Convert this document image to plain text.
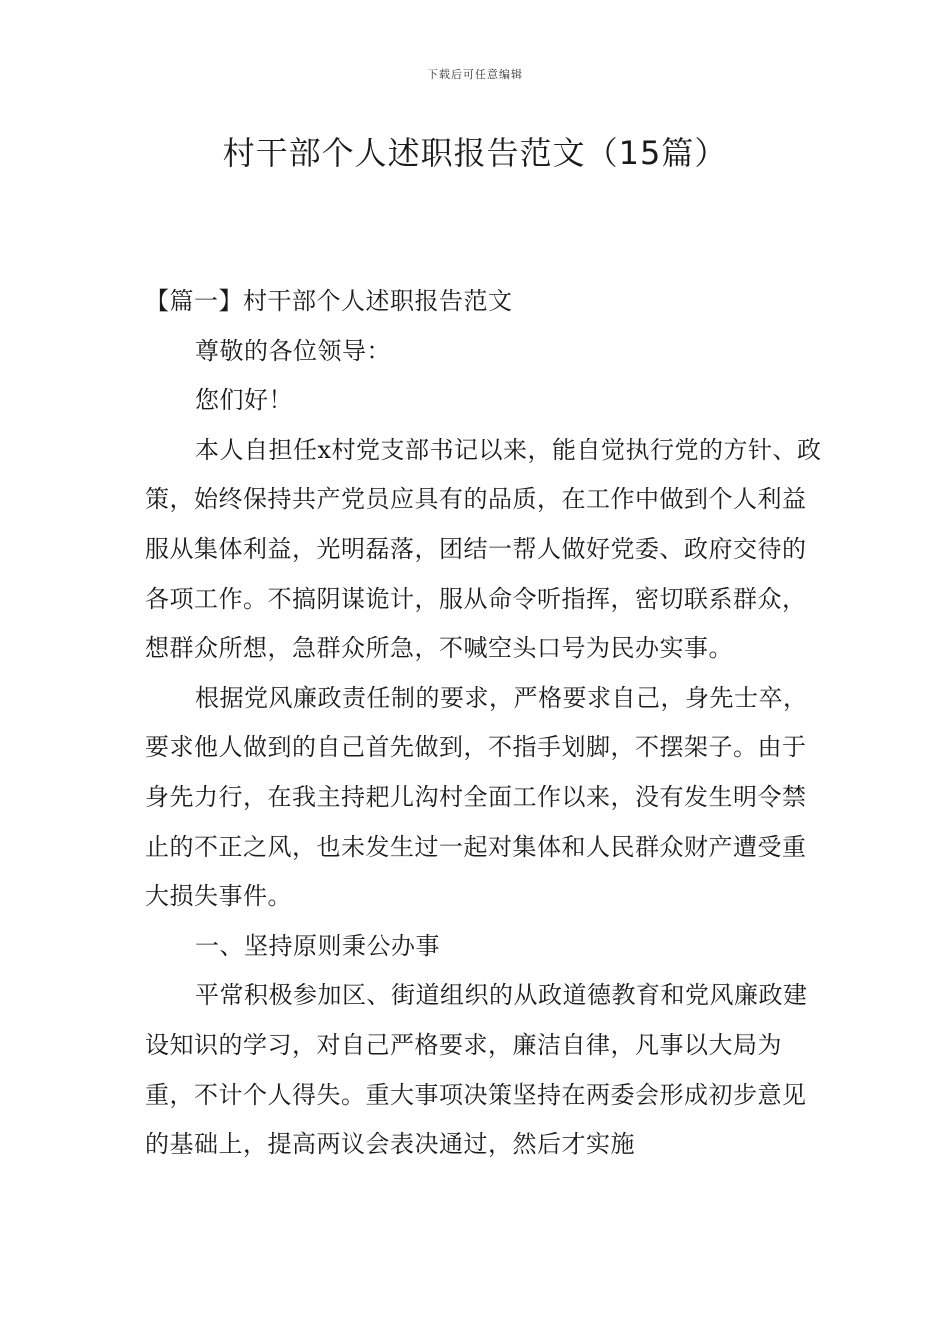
下载后可任意编辑
村干部个人述职报告范文（15篇）

【篇一】村干部个人述职报告范文

尊敬的各位领导：

您们好！

本人自担任x村党支部书记以来，能自觉执行党的方针、政策，始终保持共产党员应具有的品质，在工作中做到个人利益服从集体利益，光明磊落，团结一帮人做好党委、政府交待的各项工作。不搞阴谋诡计，服从命令听指挥，密切联系群众，想群众所想，急群众所急，不喊空头口号为民办实事。

根据党风廉政责任制的要求，严格要求自己，身先士卒，要求他人做到的自己首先做到，不指手划脚，不摆架子。由于身先力行，在我主持耙儿沟村全面工作以来，没有发生明令禁止的不正之风，也未发生过一起对集体和人民群众财产遭受重大损失事件。

一、坚持原则秉公办事

平常积极参加区、街道组织的从政道德教育和党风廉政建设知识的学习，对自己严格要求，廉洁自律，凡事以大局为重，不计个人得失。重大事项决策坚持在两委会形成初步意见的基础上，提高两议会表决通过，然后才实施
